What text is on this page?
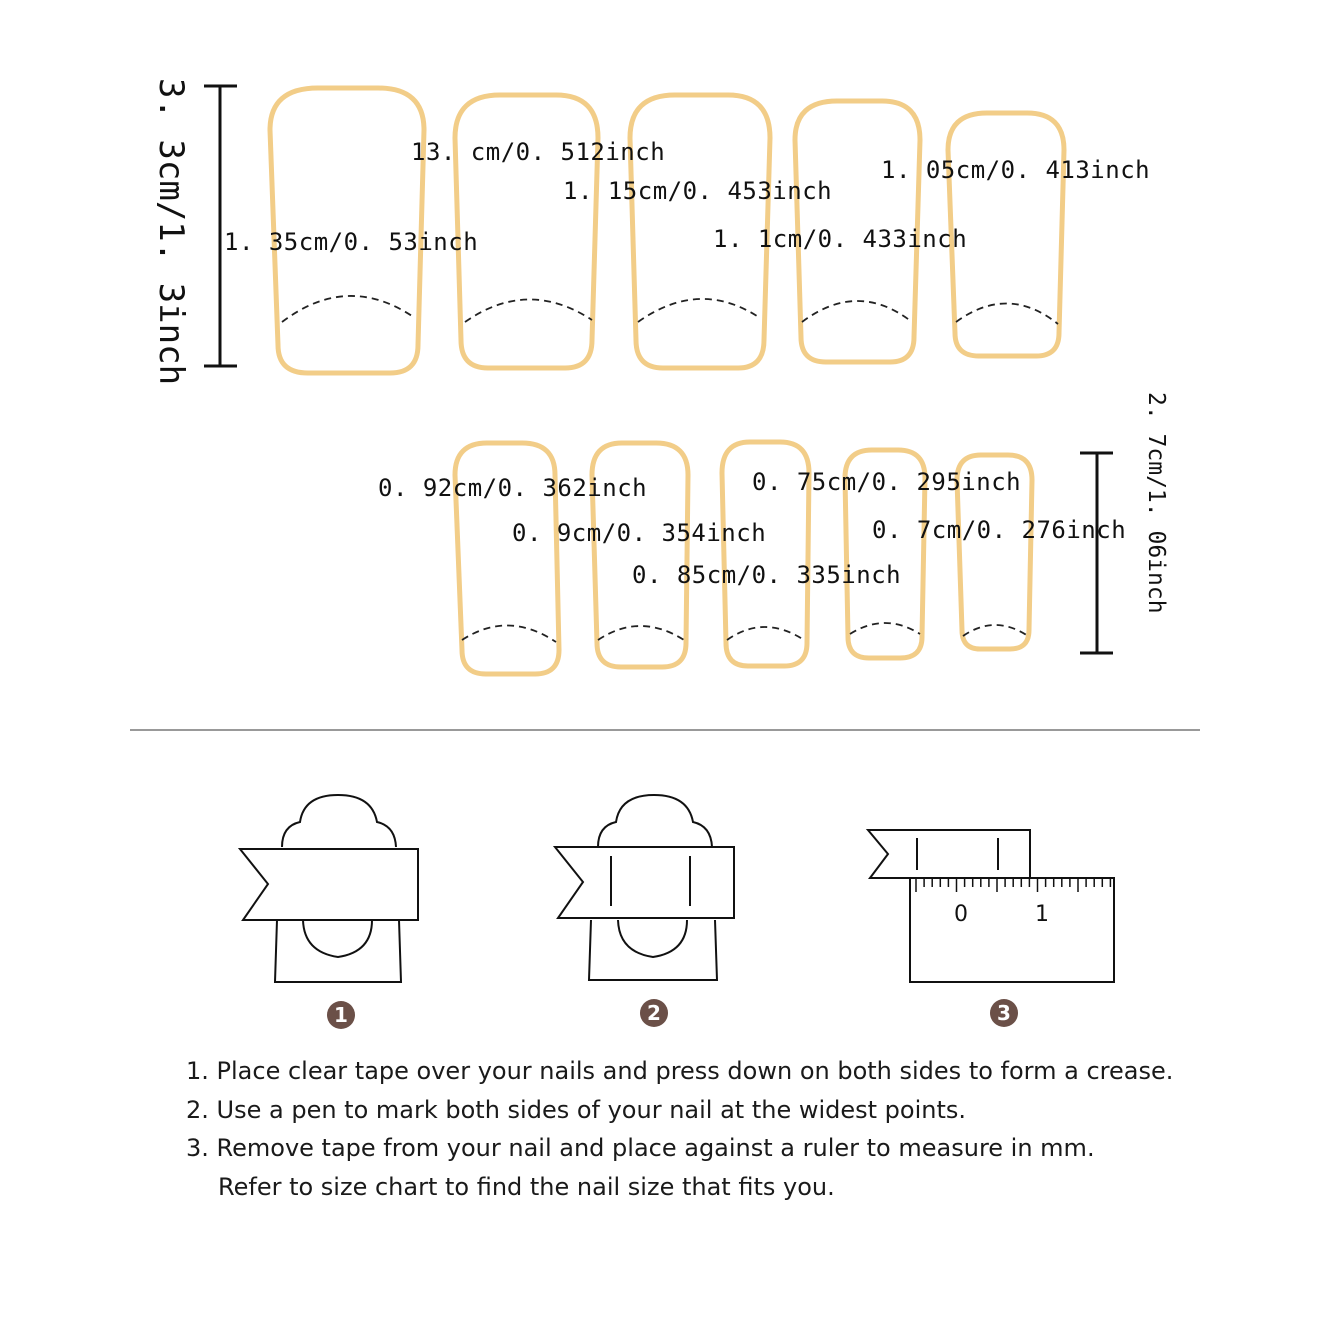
3. 3cm/1. 3inch 1. 35cm/0. 53inch
13. cm/0. 512inch
1. 15cm/0. 453inch
1. 1cm/0. 433inch
1. 05cm/0. 413inch
0. 92cm/0. 362inch
0. 9cm/0. 354inch
0. 85cm/0. 335inch
0. 75cm/0. 295inch
0. 7cm/0. 276inch 2. 7cm/1. 06inch
1	2
0	1
3
1. Place clear tape over your nails and press down on both sides to form a crease.
2. Use a pen to mark both sides of your nail at the widest points.
3. Remove tape from your nail and place against a ruler to measure in mm.
Refer to size chart to find the nail size that fits you.
